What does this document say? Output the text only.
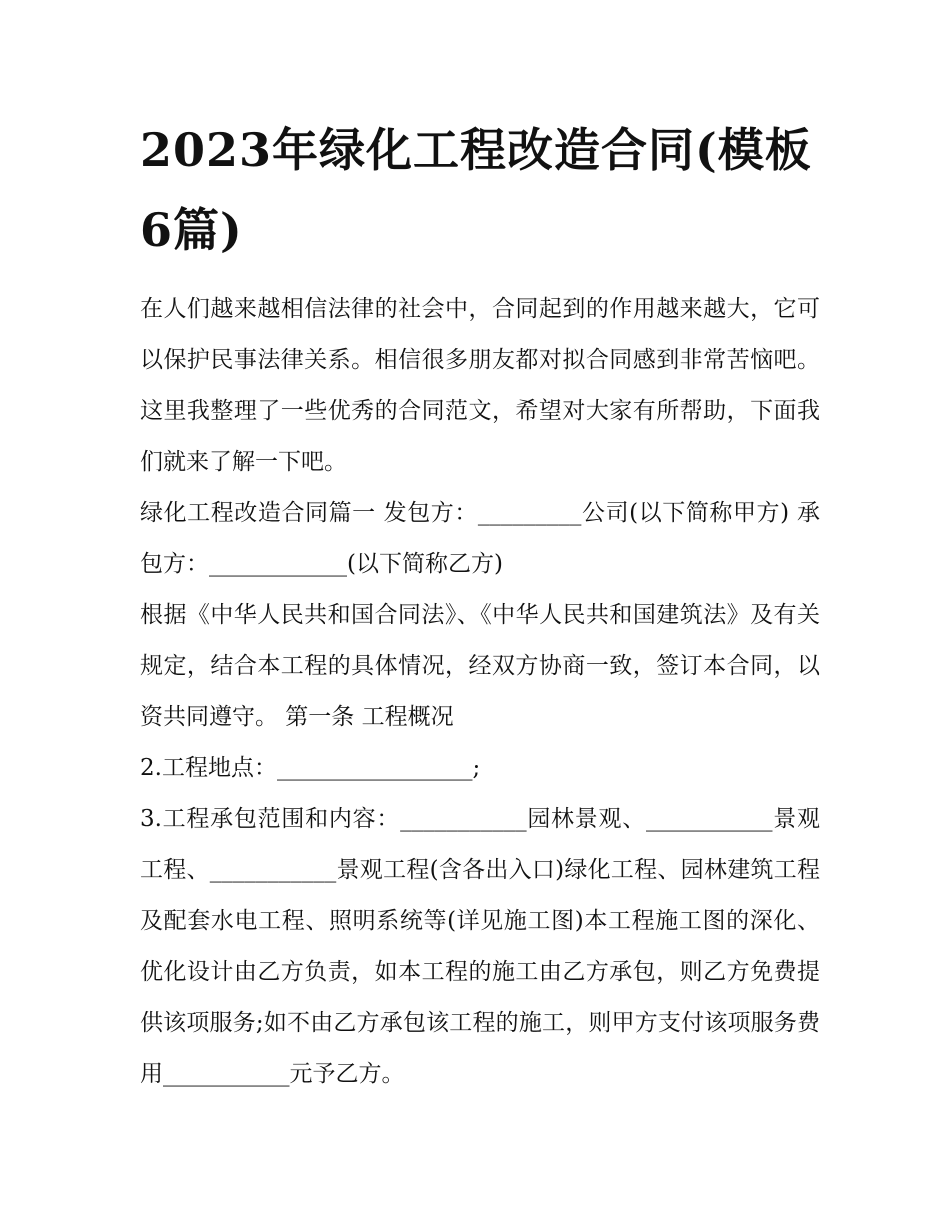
2023年绿化工程改造合同(模板6篇)

在人们越来越相信法律的社会中，合同起到的作用越来越大，它可以保护民事法律关系。相信很多朋友都对拟合同感到非常苦恼吧。这里我整理了一些优秀的合同范文，希望对大家有所帮助，下面我们就来了解一下吧。

绿化工程改造合同篇一 发包方：_________公司(以下简称甲方) 承包方：____________(以下简称乙方)

根据《中华人民共和国合同法》、《中华人民共和国建筑法》及有关规定，结合本工程的具体情况，经双方协商一致，签订本合同，以资共同遵守。 第一条 工程概况

2.工程地点：_________________;

3.工程承包范围和内容：___________园林景观、___________景观工程、___________景观工程(含各出入口)绿化工程、园林建筑工程及配套水电工程、照明系统等(详见施工图)本工程施工图的深化、优化设计由乙方负责，如本工程的施工由乙方承包，则乙方免费提供该项服务;如不由乙方承包该工程的施工，则甲方支付该项服务费用___________元予乙方。
